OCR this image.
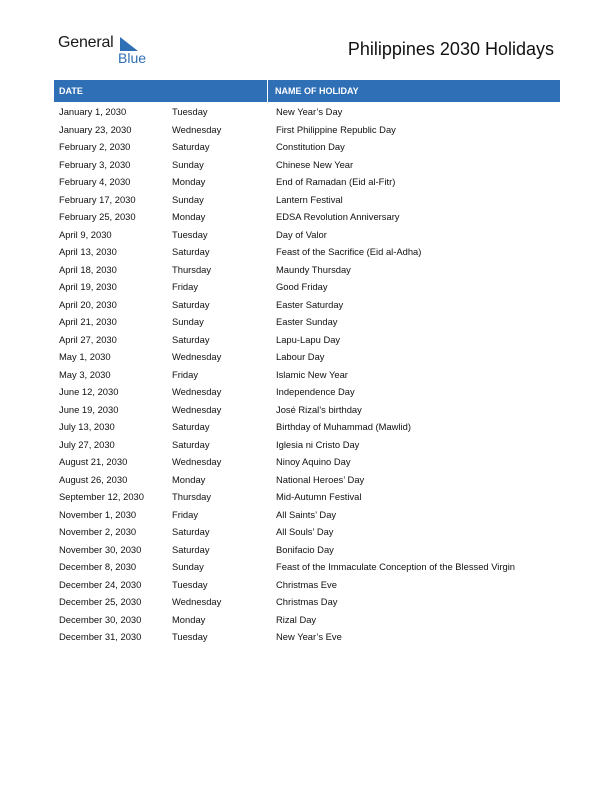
General
Blue	Philippines 2030 Holidays
DATE	NAME OF HOLIDAY
January 1, 2030	Tuesday	New Year’s Day
January 23, 2030	Wednesday	First Philippine Republic Day
February 2, 2030	Saturday	Constitution Day
February 3, 2030	Sunday	Chinese New Year
February 4, 2030	Monday	End of Ramadan (Eid al-Fitr)
February 17, 2030	Sunday	Lantern Festival
February 25, 2030	Monday	EDSA Revolution Anniversary
April 9, 2030	Tuesday	Day of Valor
April 13, 2030	Saturday	Feast of the Sacrifice (Eid al-Adha)
April 18, 2030	Thursday	Maundy Thursday
April 19, 2030	Friday	Good Friday
April 20, 2030	Saturday	Easter Saturday
April 21, 2030	Sunday	Easter Sunday
April 27, 2030	Saturday	Lapu-Lapu Day
May 1, 2030	Wednesday	Labour Day
May 3, 2030	Friday	Islamic New Year
June 12, 2030	Wednesday	Independence Day
June 19, 2030	Wednesday	José Rizal’s birthday
July 13, 2030	Saturday	Birthday of Muhammad (Mawlid)
July 27, 2030	Saturday	Iglesia ni Cristo Day
August 21, 2030	Wednesday	Ninoy Aquino Day
August 26, 2030	Monday	National Heroes’ Day
September 12, 2030	Thursday	Mid-Autumn Festival
November 1, 2030	Friday	All Saints’ Day
November 2, 2030	Saturday	All Souls’ Day
November 30, 2030	Saturday	Bonifacio Day
December 8, 2030	Sunday	Feast of the Immaculate Conception of the Blessed Virgin
December 24, 2030	Tuesday	Christmas Eve
December 25, 2030	Wednesday	Christmas Day
December 30, 2030	Monday	Rizal Day
December 31, 2030	Tuesday	New Year’s Eve
